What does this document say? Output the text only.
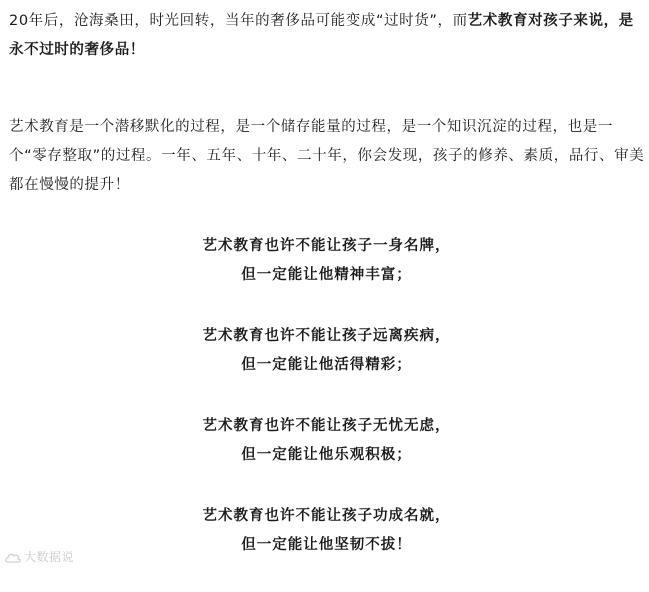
20年后，沧海桑田，时光回转，当年的奢侈品可能变成“过时货”，而艺术教育对孩子来说，是永不过时的奢侈品！

艺术教育是一个潜移默化的过程，是一个储存能量的过程，是一个知识沉淀的过程，也是一个“零存整取”的过程。一年、五年、十年、二十年，你会发现，孩子的修养、素质，品行、审美都在慢慢的提升！

艺术教育也许不能让孩子一身名牌，
但一定能让他精神丰富；
艺术教育也许不能让孩子远离疾病，
但一定能让他活得精彩；
艺术教育也许不能让孩子无忧无虑，
但一定能让他乐观积极；
艺术教育也许不能让孩子功成名就，
但一定能让他坚韧不拔！
大数据说
